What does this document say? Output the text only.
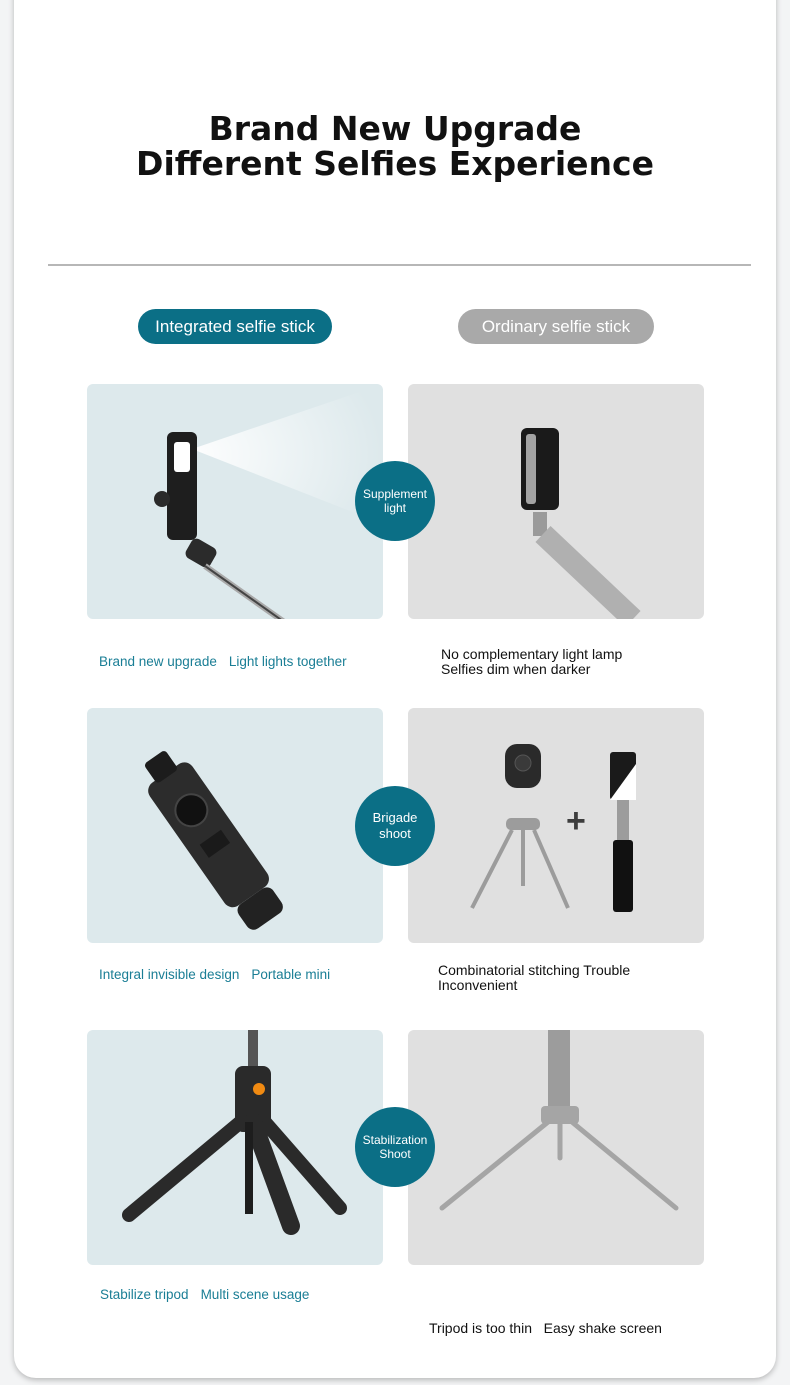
Brand New Upgrade
Different Selfies Experience
Integrated selfie stick	Ordinary selfie stick
Supplement
light
Brand new upgrade Light lights together	No complementary light lamp
Selfies dim when darker
+
Brigade
shoot
Integral invisible design Portable mini	Combinatorial stitching Trouble
Inconvenient
Stabilization
Shoot
Stabilize tripod Multi scene usage

Tripod is too thin   Easy shake screen
